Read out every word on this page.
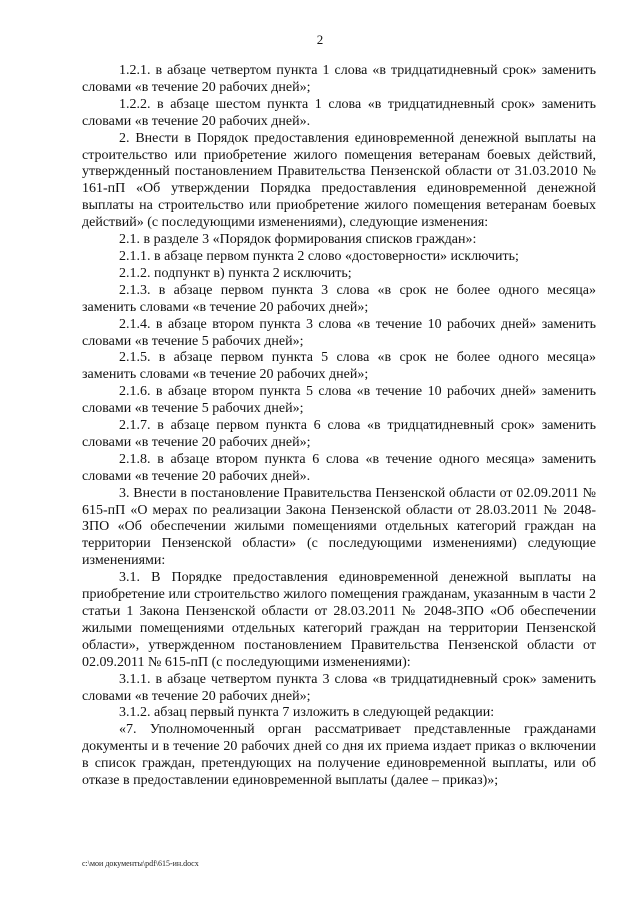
2

1.2.1. в абзаце четвертом пункта 1 слова «в тридцатидневный срок» заменить словами «в течение 20 рабочих дней»;

1.2.2. в абзаце шестом пункта 1 слова «в тридцатидневный срок» заменить словами «в течение 20 рабочих дней».

2. Внести в Порядок предоставления единовременной денежной выплаты на строительство или приобретение жилого помещения ветеранам боевых действий, утвержденный постановлением Правительства Пензенской области от 31.03.2010 № 161-пП «Об утверждении Порядка предоставления единовременной денежной выплаты на строительство или приобретение жилого помещения ветеранам боевых действий» (с последующими изменениями), следующие изменения:

2.1. в разделе 3 «Порядок формирования списков граждан»:

2.1.1. в абзаце первом пункта 2 слово «достоверности» исключить;

2.1.2. подпункт в) пункта 2 исключить;

2.1.3. в абзаце первом пункта 3 слова «в срок не более одного месяца» заменить словами «в течение 20 рабочих дней»;

2.1.4. в абзаце втором пункта 3 слова «в течение 10 рабочих дней» заменить словами «в течение 5 рабочих дней»;

2.1.5. в абзаце первом пункта 5 слова «в срок не более одного месяца» заменить словами «в течение 20 рабочих дней»;

2.1.6. в абзаце втором пункта 5 слова «в течение 10 рабочих дней» заменить словами «в течение 5 рабочих дней»;

2.1.7. в абзаце первом пункта 6 слова «в тридцатидневный срок» заменить словами «в течение 20 рабочих дней»;

2.1.8. в абзаце втором пункта 6 слова «в течение одного месяца» заменить словами «в течение 20 рабочих дней».

3. Внести в постановление Правительства Пензенской области от 02.09.2011 № 615-пП «О мерах по реализации Закона Пензенской области от 28.03.2011 № 2048-ЗПО «Об обеспечении жилыми помещениями отдельных категорий граждан на территории Пензенской области» (с последующими изменениями) следующие изменениями:

3.1. В Порядке предоставления единовременной денежной выплаты на приобретение или строительство жилого помещения гражданам, указанным в части 2 статьи 1 Закона Пензенской области от 28.03.2011 № 2048-ЗПО «Об обеспечении жилыми помещениями отдельных категорий граждан на территории Пензенской области», утвержденном постановлением Правительства Пензенской области от 02.09.2011 № 615-пП (с последующими изменениями):

3.1.1. в абзаце четвертом пункта 3 слова «в тридцатидневный срок» заменить словами «в течение 20 рабочих дней»;

3.1.2. абзац первый пункта 7 изложить в следующей редакции:

«7. Уполномоченный орган рассматривает представленные гражданами документы и в течение 20 рабочих дней со дня их приема издает приказ о включении в список граждан, претендующих на получение единовременной выплаты, или об отказе в предоставлении единовременной выплаты (далее – приказ)»;

c:\мои документы\pdf\615-ин.docx
